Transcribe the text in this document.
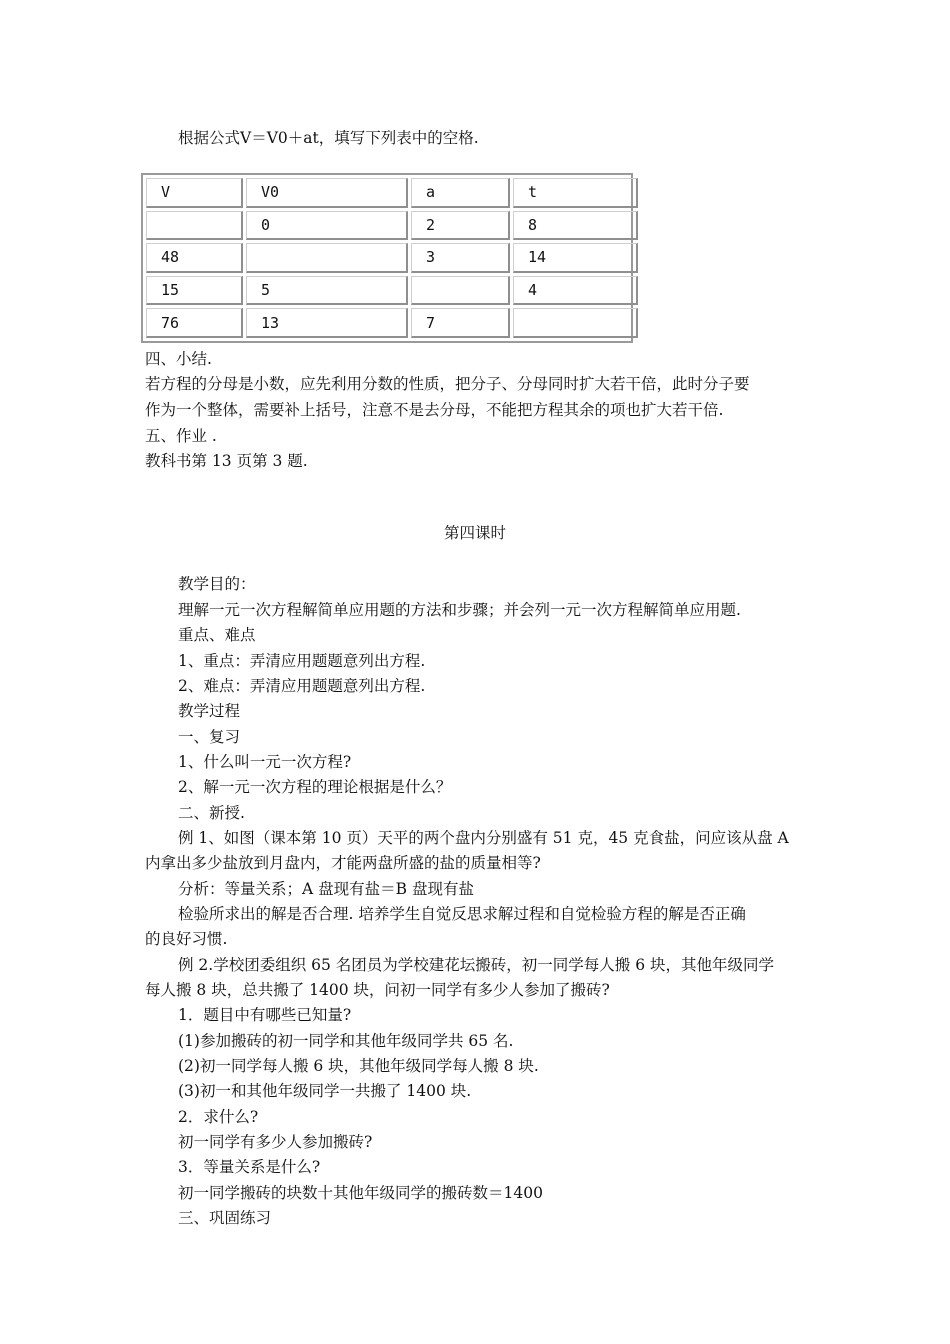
根据公式V＝V0＋at，填写下列表中的空格.
V	V0	a	t
	0	2	8
48		3	14
15	5		4
76	13	7	
四、小结.
若方程的分母是小数，应先利用分数的性质，把分子、分母同时扩大若干倍，此时分子要
作为一个整体，需要补上括号，注意不是去分母，不能把方程其余的项也扩大若干倍.
五、作业 .
教科书第 13 页第 3 题.
第四课时
教学目的：
理解一元一次方程解简单应用题的方法和步骤；并会列一元一次方程解简单应用题.
重点、难点
1、重点：弄清应用题题意列出方程.
2、难点：弄清应用题题意列出方程.
教学过程
一、复习
1、什么叫一元一次方程?
2、解一元一次方程的理论根据是什么？
二、新授.
例 1、如图（课本第 10 页）天平的两个盘内分别盛有 51 克，45 克食盐，问应该从盘 A
内拿出多少盐放到月盘内，才能两盘所盛的盐的质量相等?
分析：等量关系；A 盘现有盐＝B 盘现有盐
检验所求出的解是否合理. 培养学生自觉反思求解过程和自觉检验方程的解是否正确
的良好习惯.
例 2.学校团委组织 65 名团员为学校建花坛搬砖，初一同学每人搬 6 块，其他年级同学
每人搬 8 块，总共搬了 1400 块，问初一同学有多少人参加了搬砖?
1．题目中有哪些已知量?
(1)参加搬砖的初一同学和其他年级同学共 65 名.
(2)初一同学每人搬 6 块，其他年级同学每人搬 8 块.
(3)初一和其他年级同学一共搬了 1400 块.
2．求什么?
初一同学有多少人参加搬砖?
3．等量关系是什么?
初一同学搬砖的块数十其他年级同学的搬砖数＝1400
三、巩固练习
